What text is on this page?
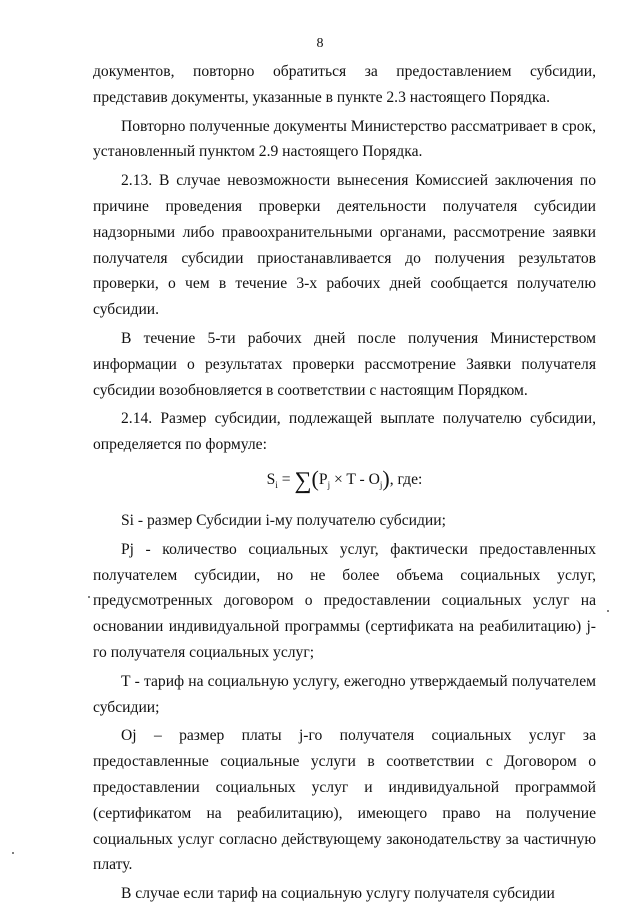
8

документов, повторно обратиться за предоставлением субсидии, представив документы, указанные в пункте 2.3 настоящего Порядка.

Повторно полученные документы Министерство рассматривает в срок, установленный пунктом 2.9 настоящего Порядка.

2.13. В случае невозможности вынесения Комиссией заключения по причине проведения проверки деятельности получателя субсидии надзорными либо правоохранительными органами, рассмотрение заявки получателя субсидии приостанавливается до получения результатов проверки, о чем в течение 3-х рабочих дней сообщается получателю субсидии.

В течение 5-ти рабочих дней после получения Министерством информации о результатах проверки рассмотрение Заявки получателя субсидии возобновляется в соответствии с настоящим Порядком.

2.14. Размер субсидии, подлежащей выплате получателю субсидии, определяется по формуле:

$S_i = \sum(P_j \times T - O_j)$, где:

Si - размер Субсидии i-му получателю субсидии;

Pj - количество социальных услуг, фактически предоставленных получателем субсидии, но не более объема социальных услуг, предусмотренных договором о предоставлении социальных услуг на основании индивидуальной программы (сертификата на реабилитацию) j-го получателя социальных услуг;

Т - тариф на социальную услугу, ежегодно утверждаемый получателем субсидии;

Oj – размер платы j-го получателя социальных услуг за предоставленные социальные услуги в соответствии с Договором о предоставлении социальных услуг и индивидуальной программой (сертификатом на реабилитацию), имеющего право на получение социальных услуг согласно действующему законодательству за частичную плату.

В случае если тариф на социальную услугу получателя субсидии
